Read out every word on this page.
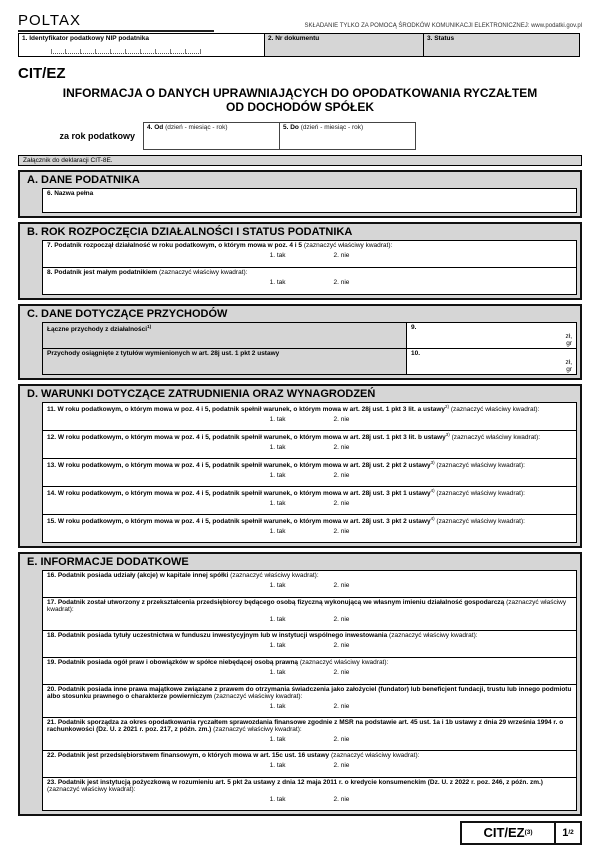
POLTAX	SKŁADANIE TYLKO ZA POMOCĄ ŚRODKÓW KOMUNIKACJI ELEKTRONICZNEJ: www.podatki.gov.pl
1. Identyfikator podatkowy NIP podatnika	2. Nr dokumentu	3. Status
CIT/EZ
INFORMACJA O DANYCH UPRAWNIAJĄCYCH DO OPODATKOWANIA RYCZAŁTEM
OD DOCHODÓW SPÓŁEK
za rok podatkowy
4. Od (dzień - miesiąc - rok)	5. Do (dzień - miesiąc - rok)
Załącznik do deklaracji CIT-8E.
A. DANE PODATNIKA
6. Nazwa pełna
B. ROK ROZPOCZĘCIA DZIAŁALNOŚCI I STATUS PODATNIKA
7. Podatnik rozpoczął działalność w roku podatkowym, o którym mowa w poz. 4 i 5 (zaznaczyć właściwy kwadrat):
1. tak	2. nie
8. Podatnik jest małym podatnikiem (zaznaczyć właściwy kwadrat):
1. tak	2. nie
C. DANE DOTYCZĄCE PRZYCHODÓW
Łączne przychody z działalności$^{1)}$	9.
zł,
gr
Przychody osiągnięte z tytułów wymienionych w art. 28j ust. 1 pkt 2 ustawy	10.
zł,
gr
D. WARUNKI DOTYCZĄCE ZATRUDNIENIA ORAZ WYNAGRODZEŃ
11. W roku podatkowym, o którym mowa w poz. 4 i 5, podatnik spełnił warunek, o którym mowa w art. 28j ust. 1 pkt 3 lit. a ustawy$^{2)}$ (zaznaczyć właściwy kwadrat):
1. tak	2. nie
12. W roku podatkowym, o którym mowa w poz. 4 i 5, podatnik spełnił warunek, o którym mowa w art. 28j ust. 1 pkt 3 lit. b ustawy$^{3)}$ (zaznaczyć właściwy kwadrat):
1. tak	2. nie
13. W roku podatkowym, o którym mowa w poz. 4 i 5, podatnik spełnił warunek, o którym mowa w art. 28j ust. 2 pkt 2 ustawy$^{3)}$ (zaznaczyć właściwy kwadrat):
1. tak	2. nie
14. W roku podatkowym, o którym mowa w poz. 4 i 5, podatnik spełnił warunek, o którym mowa w art. 28j ust. 3 pkt 1 ustawy$^{4)}$ (zaznaczyć właściwy kwadrat):
1. tak	2. nie
15. W roku podatkowym, o którym mowa w poz. 4 i 5, podatnik spełnił warunek, o którym mowa w art. 28j ust. 3 pkt 2 ustawy$^{4)}$ (zaznaczyć właściwy kwadrat):
1. tak	2. nie
E. INFORMACJE DODATKOWE
16. Podatnik posiada udziały (akcje) w kapitale innej spółki (zaznaczyć właściwy kwadrat):
1. tak	2. nie
17. Podatnik został utworzony z przekształcenia przedsiębiorcy będącego osobą fizyczną wykonującą we własnym imieniu działalność gospodarczą (zaznaczyć właściwy kwadrat):
1. tak	2. nie
18. Podatnik posiada tytuły uczestnictwa w funduszu inwestycyjnym lub w instytucji wspólnego inwestowania (zaznaczyć właściwy kwadrat):
1. tak	2. nie
19. Podatnik posiada ogół praw i obowiązków w spółce niebędącej osobą prawną (zaznaczyć właściwy kwadrat):
1. tak	2. nie
20. Podatnik posiada inne prawa majątkowe związane z prawem do otrzymania świadczenia jako założyciel (fundator) lub beneficjent fundacji, trustu lub innego podmiotu albo stosunku prawnego o charakterze powierniczym (zaznaczyć właściwy kwadrat):
1. tak	2. nie
21. Podatnik sporządza za okres opodatkowania ryczałtem sprawozdania finansowe zgodnie z MSR na podstawie art. 45 ust. 1a i 1b ustawy z dnia 29 września 1994 r. o rachunkowości (Dz. U. z 2021 r. poz. 217, z późn. zm.) (zaznaczyć właściwy kwadrat):
1. tak	2. nie
22. Podatnik jest przedsiębiorstwem finansowym, o których mowa w art. 15c ust. 16 ustawy (zaznaczyć właściwy kwadrat):
1. tak	2. nie
23. Podatnik jest instytucją pożyczkową w rozumieniu art. 5 pkt 2a ustawy z dnia 12 maja 2011 r. o kredycie konsumenckim (Dz. U. z 2022 r. poz. 246, z późn. zm.) (zaznaczyć właściwy kwadrat):
1. tak	2. nie
CIT/EZ (3)	1 /2
